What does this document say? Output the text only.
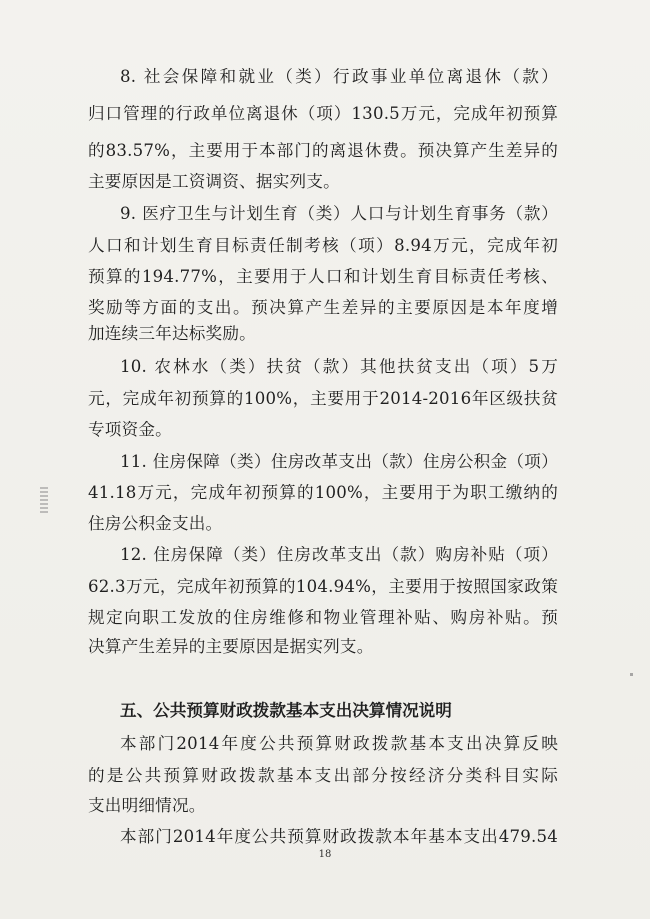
8. 社会保障和就业（类）行政事业单位离退休（款）
归口管理的行政单位离退休（项）130.5万元，完成年初预算
的83.57%，主要用于本部门的离退休费。预决算产生差异的
主要原因是工资调资、据实列支。
9. 医疗卫生与计划生育（类）人口与计划生育事务（款）
人口和计划生育目标责任制考核（项）8.94万元，完成年初
预算的194.77%，主要用于人口和计划生育目标责任考核、
奖励等方面的支出。预决算产生差异的主要原因是本年度增
加连续三年达标奖励。
10. 农林水（类）扶贫（款）其他扶贫支出（项）5万
元，完成年初预算的100%，主要用于2014-2016年区级扶贫
专项资金。
11. 住房保障（类）住房改革支出（款）住房公积金（项）
41.18万元，完成年初预算的100%，主要用于为职工缴纳的
住房公积金支出。
五、公共预算财政拨款基本支出决算情况说明
本部门2014年度公共预算财政拨款基本支出决算反映
的是公共预算财政拨款基本支出部分按经济分类科目实际
支出明细情况。
18
12. 住房保障（类）住房改革支出（款）购房补贴（项）
62.3万元，完成年初预算的104.94%，主要用于按照国家政策
规定向职工发放的住房维修和物业管理补贴、购房补贴。预
决算产生差异的主要原因是据实列支。
本部门2014年度公共预算财政拨款本年基本支出479.54
